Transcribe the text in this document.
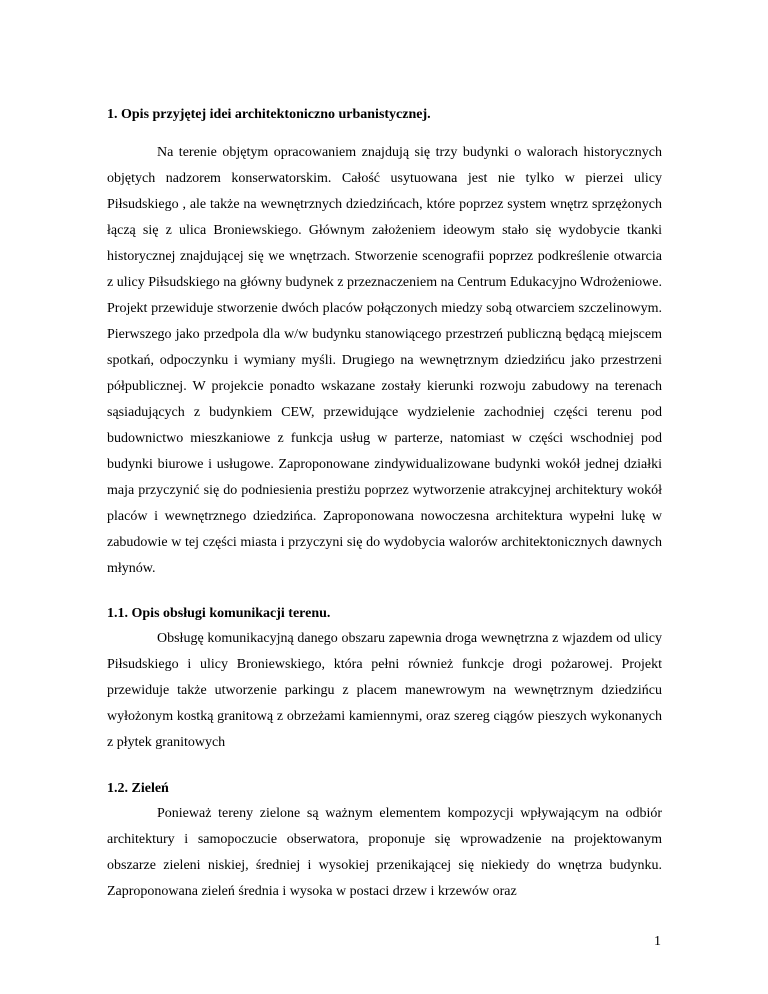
1. Opis przyjętej idei architektoniczno urbanistycznej.

Na terenie objętym opracowaniem znajdują się trzy budynki o walorach historycznych objętych nadzorem konserwatorskim. Całość usytuowana jest nie tylko w pierzei ulicy Piłsudskiego , ale także na wewnętrznych dziedzińcach, które poprzez system wnętrz sprzężonych łączą się z ulica Broniewskiego. Głównym założeniem ideowym stało się wydobycie tkanki historycznej znajdującej się we wnętrzach. Stworzenie scenografii poprzez podkreślenie otwarcia z ulicy Piłsudskiego na główny budynek z przeznaczeniem na Centrum Edukacyjno Wdrożeniowe. Projekt przewiduje stworzenie dwóch placów połączonych miedzy sobą otwarciem szczelinowym. Pierwszego jako przedpola dla w/w budynku stanowiącego przestrzeń publiczną będącą miejscem spotkań, odpoczynku i wymiany myśli. Drugiego na wewnętrznym dziedzińcu jako przestrzeni półpublicznej. W projekcie ponadto wskazane zostały kierunki rozwoju zabudowy na terenach sąsiadujących z budynkiem CEW, przewidujące wydzielenie zachodniej części terenu pod budownictwo mieszkaniowe z funkcja usług w parterze, natomiast w części wschodniej pod budynki biurowe i usługowe. Zaproponowane zindywidualizowane budynki wokół jednej działki maja przyczynić się do podniesienia prestiżu poprzez wytworzenie atrakcyjnej architektury wokół placów i wewnętrznego dziedzińca. Zaproponowana nowoczesna architektura wypełni lukę w zabudowie w tej części miasta i przyczyni się do wydobycia walorów architektonicznych dawnych młynów.

1.1. Opis obsługi komunikacji terenu.

Obsługę komunikacyjną danego obszaru zapewnia droga wewnętrzna z wjazdem od ulicy Piłsudskiego i ulicy Broniewskiego, która pełni również funkcje drogi pożarowej. Projekt przewiduje także utworzenie parkingu z placem manewrowym na wewnętrznym dziedzińcu wyłożonym kostką granitową z obrzeżami kamiennymi, oraz szereg ciągów pieszych wykonanych z płytek granitowych

1.2. Zieleń

Ponieważ tereny zielone są ważnym elementem kompozycji wpływającym na odbiór architektury i samopoczucie obserwatora, proponuje się wprowadzenie na projektowanym obszarze zieleni niskiej, średniej i wysokiej przenikającej się niekiedy do wnętrza budynku. Zaproponowana zieleń średnia i wysoka w postaci drzew i krzewów oraz

1
